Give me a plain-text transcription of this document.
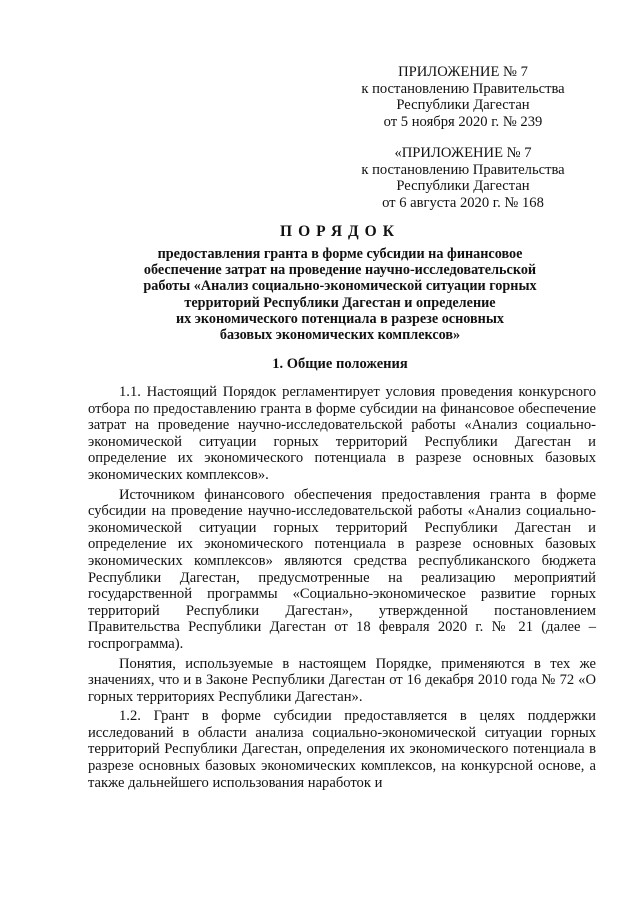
ПРИЛОЖЕНИЕ № 7
к постановлению Правительства
Республики Дагестан
от 5 ноября 2020 г. № 239
«ПРИЛОЖЕНИЕ № 7
к постановлению Правительства
Республики Дагестан
от 6 августа 2020 г. № 168
ПОРЯДОК
предоставления гранта в форме субсидии на финансовое
обеспечение затрат на проведение научно-исследовательской
работы «Анализ социально-экономической ситуации горных
территорий Республики Дагестан и определение
их экономического потенциала в разрезе основных
базовых экономических комплексов»
1. Общие положения

1.1. Настоящий Порядок регламентирует условия проведения конкурсного отбора по предоставлению гранта в форме субсидии на финансовое обеспечение затрат на проведение научно-исследовательской работы «Анализ социально-экономической ситуации горных территорий Республики Дагестан и определение их экономического потенциала в разрезе основных базовых экономических комплексов».

Источником финансового обеспечения предоставления гранта в форме субсидии на проведение научно-исследовательской работы «Анализ социально-экономической ситуации горных территорий Республики Дагестан и определение их экономического потенциала в разрезе основных базовых экономических комплексов» являются средства республиканского бюджета Республики Дагестан, предусмотренные на реализацию мероприятий государственной программы «Социально-экономическое развитие горных территорий Республики Дагестан», утвержденной постановлением Правительства Республики Дагестан от 18 февраля 2020 г. № 21 (далее – госпрограмма).

Понятия, используемые в настоящем Порядке, применяются в тех же значениях, что и в Законе Республики Дагестан от 16 декабря 2010 года № 72 «О горных территориях Республики Дагестан».

1.2. Грант в форме субсидии предоставляется в целях поддержки исследований в области анализа социально-экономической ситуации горных территорий Республики Дагестан, определения их экономического потенциала в разрезе основных базовых экономических комплексов, на конкурсной основе, а также дальнейшего использования наработок и
